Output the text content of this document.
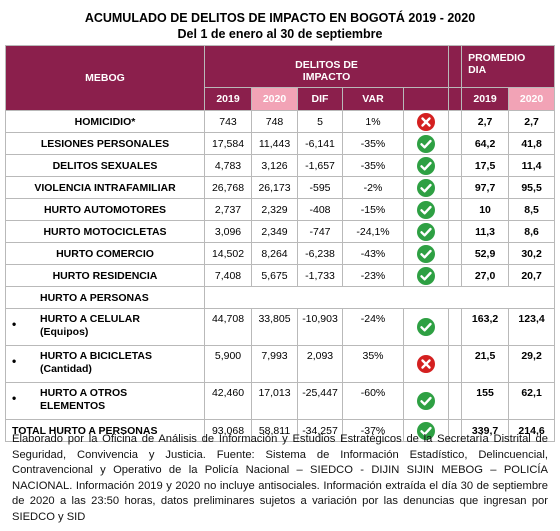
ACUMULADO DE DELITOS DE IMPACTO EN BOGOTÁ 2019 - 2020
Del 1 de enero al 30 de septiembre
MEBOG	DELITOS DE IMPACTO						PROMEDIO DIA	

	2019	2020	DIF	VAR			2019	2020
HOMICIDIO*	743	748	5	1%			2,7	2,7
LESIONES PERSONALES	17,584	11,443	-6,141	-35%			64,2	41,8
DELITOS SEXUALES	4,783	3,126	-1,657	-35%			17,5	11,4
VIOLENCIA INTRAFAMILIAR	26,768	26,173	-595	-2%			97,7	95,5
HURTO AUTOMOTORES	2,737	2,329	-408	-15%			10	8,5
HURTO MOTOCICLETAS	3,096	2,349	-747	-24,1%			11,3	8,6
HURTO COMERCIO	14,502	8,264	-6,238	-43%			52,9	30,2
HURTO RESIDENCIA	7,408	5,675	-1,733	-23%			27,0	20,7
HURTO A PERSONAS								

• HURTO A CELULAR
(Equipos)	44,708	33,805	-10,903	-24%			163,2	123,4

• HURTO A BICICLETAS
(Cantidad)	5,900	7,993	2,093	35%			21,5	29,2

• HURTO A OTROS
ELEMENTOS	42,460	17,013	-25,447	-60%			155	62,1
TOTAL HURTO A PERSONAS	93,068	58,811	-34,257	-37%			339,7	214,6
Elaborado por la Oficina de Análisis de Información y Estudios Estratégicos de la Secretaría Distrital de Seguridad, Convivencia y Justicia. Fuente: Sistema de Información Estadístico, Delincuencial, Contravencional y Operativo de la Policía Nacional – SIEDCO - DIJIN SIJIN MEBOG – POLICÍA NACIONAL. Información 2019 y 2020 no incluye antisociales. Información extraída el día 30 de septiembre de 2020 a las 23:50 horas, datos preliminares sujetos a variación por las denuncias que ingresan por SIEDCO y SID
